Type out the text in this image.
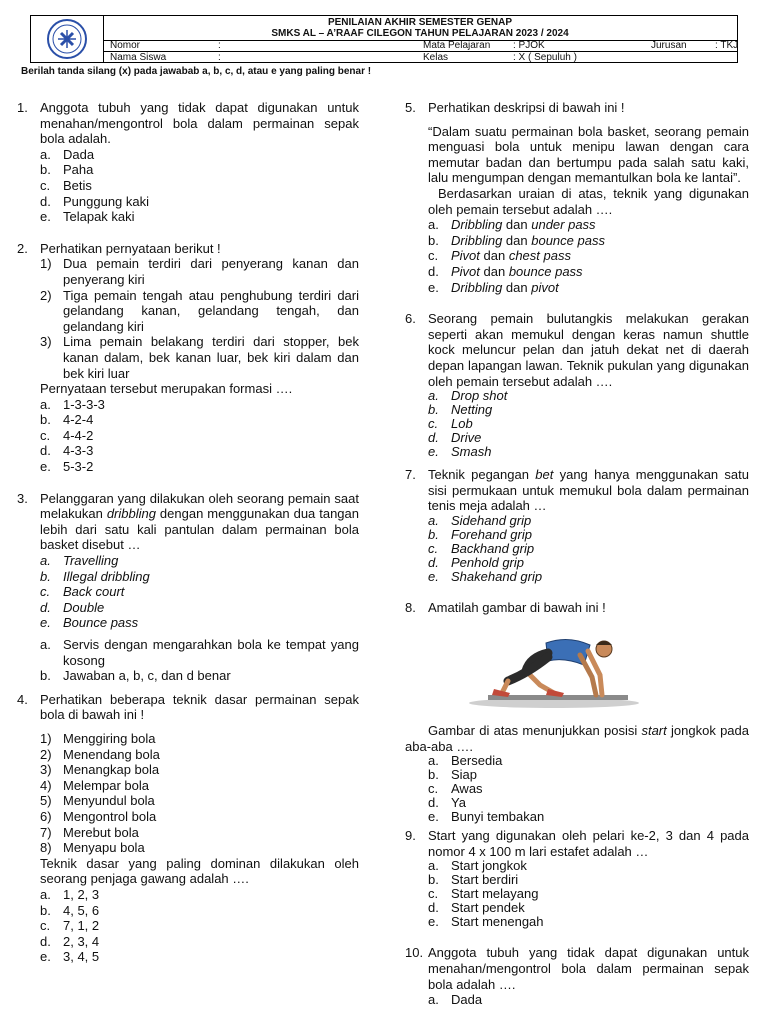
PENILAIAN AKHIR SEMESTER GENAP
SMKS AL – A’RAAF CILEGON TAHUN PELAJARAN 2023 / 2024
Nomor	:	Mata Pelajaran : PJOK	Jurusan	: TKJ
Nama Siswa	:	Kelas	: X ( Sepuluh )
Berilah tanda silang (x) pada jawabab a, b, c, d, atau e yang paling benar !
1. Anggota tubuh yang tidak dapat digunakan untuk menahan/mengontrol bola dalam permainan sepak bola adalah.
a. Dada
b. Paha
c. Betis
d. Punggung kaki
e. Telapak kaki
2. Perhatikan pernyataan berikut !
1) Dua pemain terdiri dari penyerang kanan dan penyerang kiri
2) Tiga pemain tengah atau penghubung terdiri dari gelandang kanan, gelandang tengah, dan gelandang kiri
3) Lima pemain belakang terdiri dari stopper, bek kanan dalam, bek kanan luar, bek kiri dalam dan bek kiri luar
Pernyataan tersebut merupakan formasi ….
a. 1-3-3-3
b. 4-2-4
c. 4-4-2
d. 4-3-3
e. 5-3-2
3. Pelanggaran yang dilakukan oleh seorang pemain saat melakukan dribbling dengan menggunakan dua tangan lebih dari satu kali pantulan dalam permainan bola basket disebut …
a. Travelling
b. Illegal dribbling
c. Back court
d. Double
e. Bounce pass
a. Servis dengan mengarahkan bola ke tempat yang kosong
b. Jawaban a, b, c, dan d benar
4. Perhatikan beberapa teknik dasar permainan sepak bola di bawah ini !
1) Menggiring bola
2) Menendang bola
3) Menangkap bola
4) Melempar bola
5) Menyundul bola
6) Mengontrol bola
7) Merebut bola
8) Menyapu bola
Teknik dasar yang paling dominan dilakukan oleh seorang penjaga gawang adalah ….
a. 1, 2, 3
b. 4, 5, 6
c. 7, 1, 2
d. 2, 3, 4
e. 3, 4, 5
5. Perhatikan deskripsi di bawah ini !
“Dalam suatu permainan bola basket, seorang pemain menguasi bola untuk menipu lawan dengan cara memutar badan dan bertumpu pada salah satu kaki, lalu mengumpan dengan memantulkan bola ke lantai”.
Berdasarkan uraian di atas, teknik yang digunakan oleh pemain tersebut adalah ….
a. Dribbling dan under pass
b. Dribbling dan bounce pass
c. Pivot dan chest pass
d. Pivot dan bounce pass
e. Dribbling dan pivot
6. Seorang pemain bulutangkis melakukan gerakan seperti akan memukul dengan keras namun shuttle kock meluncur pelan dan jatuh dekat net di daerah depan lapangan lawan. Teknik pukulan yang digunakan oleh pemain tersebut adalah ….
a. Drop shot
b. Netting
c. Lob
d. Drive
e. Smash
7. Teknik pegangan bet yang hanya menggunakan satu sisi permukaan untuk memukul bola dalam permainan tenis meja adalah …
a. Sidehand grip
b. Forehand grip
c. Backhand grip
d. Penhold grip
e. Shakehand grip
8. Amatilah gambar di bawah ini !
Gambar di atas menunjukkan posisi start jongkok pada aba-aba ….
a. Bersedia
b. Siap
c. Awas
d. Ya
e. Bunyi tembakan
9. Start yang digunakan oleh pelari ke-2, 3 dan 4 pada nomor 4 x 100 m lari estafet adalah …
a. Start jongkok
b. Start berdiri
c. Start melayang
d. Start pendek
e. Start menengah
10. Anggota tubuh yang tidak dapat digunakan untuk menahan/mengontrol bola dalam permainan sepak bola adalah ….
a. Dada
